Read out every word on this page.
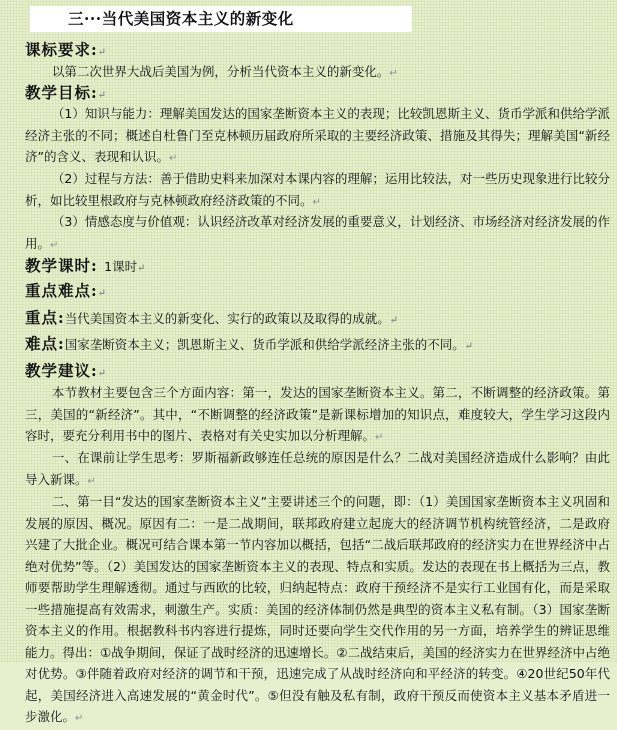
三···当代美国资本主义的新变化
课标要求:↵

以第二次世界大战后美国为例，分析当代资本主义的新变化。↵

教学目标:↵

（1）知识与能力：理解美国发达的国家垄断资本主义的表现；比较凯恩斯主义、货币学派和供给学派经济主张的不同；概述自杜鲁门至克林顿历届政府所采取的主要经济政策、措施及其得失；理解美国“新经济”的含义、表现和认识。↵

（2）过程与方法：善于借助史料来加深对本课内容的理解；运用比较法，对一些历史现象进行比较分析，如比较里根政府与克林顿政府经济政策的不同。↵

（3）情感态度与价值观：认识经济改革对经济发展的重要意义，计划经济、市场经济对经济发展的作用。↵

教学课时: 1课时↵
重点难点:↵
重点:当代美国资本主义的新变化、实行的政策以及取得的成就。↵
难点:国家垄断资本主义；凯恩斯主义、货币学派和供给学派经济主张的不同。↵
教学建议:↵

本节教材主要包含三个方面内容：第一，发达的国家垄断资本主义。第二，不断调整的经济政策。第三，美国的“新经济”。其中，“不断调整的经济政策”是新课标增加的知识点，难度较大，学生学习这段内容时，要充分利用书中的图片、表格对有关史实加以分析理解。↵

一、在课前让学生思考：罗斯福新政够连任总统的原因是什么？二战对美国经济造成什么影响？由此导入新课。↵

二、第一目“发达的国家垄断资本主义”主要讲述三个的问题，即：（1）美国国家垄断资本主义巩固和发展的原因、概况。原因有二：一是二战期间，联邦政府建立起庞大的经济调节机构统管经济，二是政府兴建了大批企业。概况可结合课本第一节内容加以概括，包括“二战后联邦政府的经济实力在世界经济中占绝对优势”等。（2）美国发达的国家垄断资本主义的表现、特点和实质。发达的表现在书上概括为三点，教师要帮助学生理解透彻。通过与西欧的比较，归纳起特点：政府干预经济不是实行工业国有化，而是采取一些措施提高有效需求，刺激生产。实质：美国的经济体制仍然是典型的资本主义私有制。（3）国家垄断资本主义的作用。根据教科书内容进行提炼，同时还要向学生交代作用的另一方面，培养学生的辨证思维能力。得出：①战争期间，保证了战时经济的迅速增长。②二战结束后，美国的经济实力在世界经济中占绝对优势。③伴随着政府对经济的调节和干预，迅速完成了从战时经济向和平经济的转变。④20世纪50年代起，美国经济进入高速发展的“黄金时代”。⑤但没有触及私有制，政府干预反而使资本主义基本矛盾进一步激化。↵
